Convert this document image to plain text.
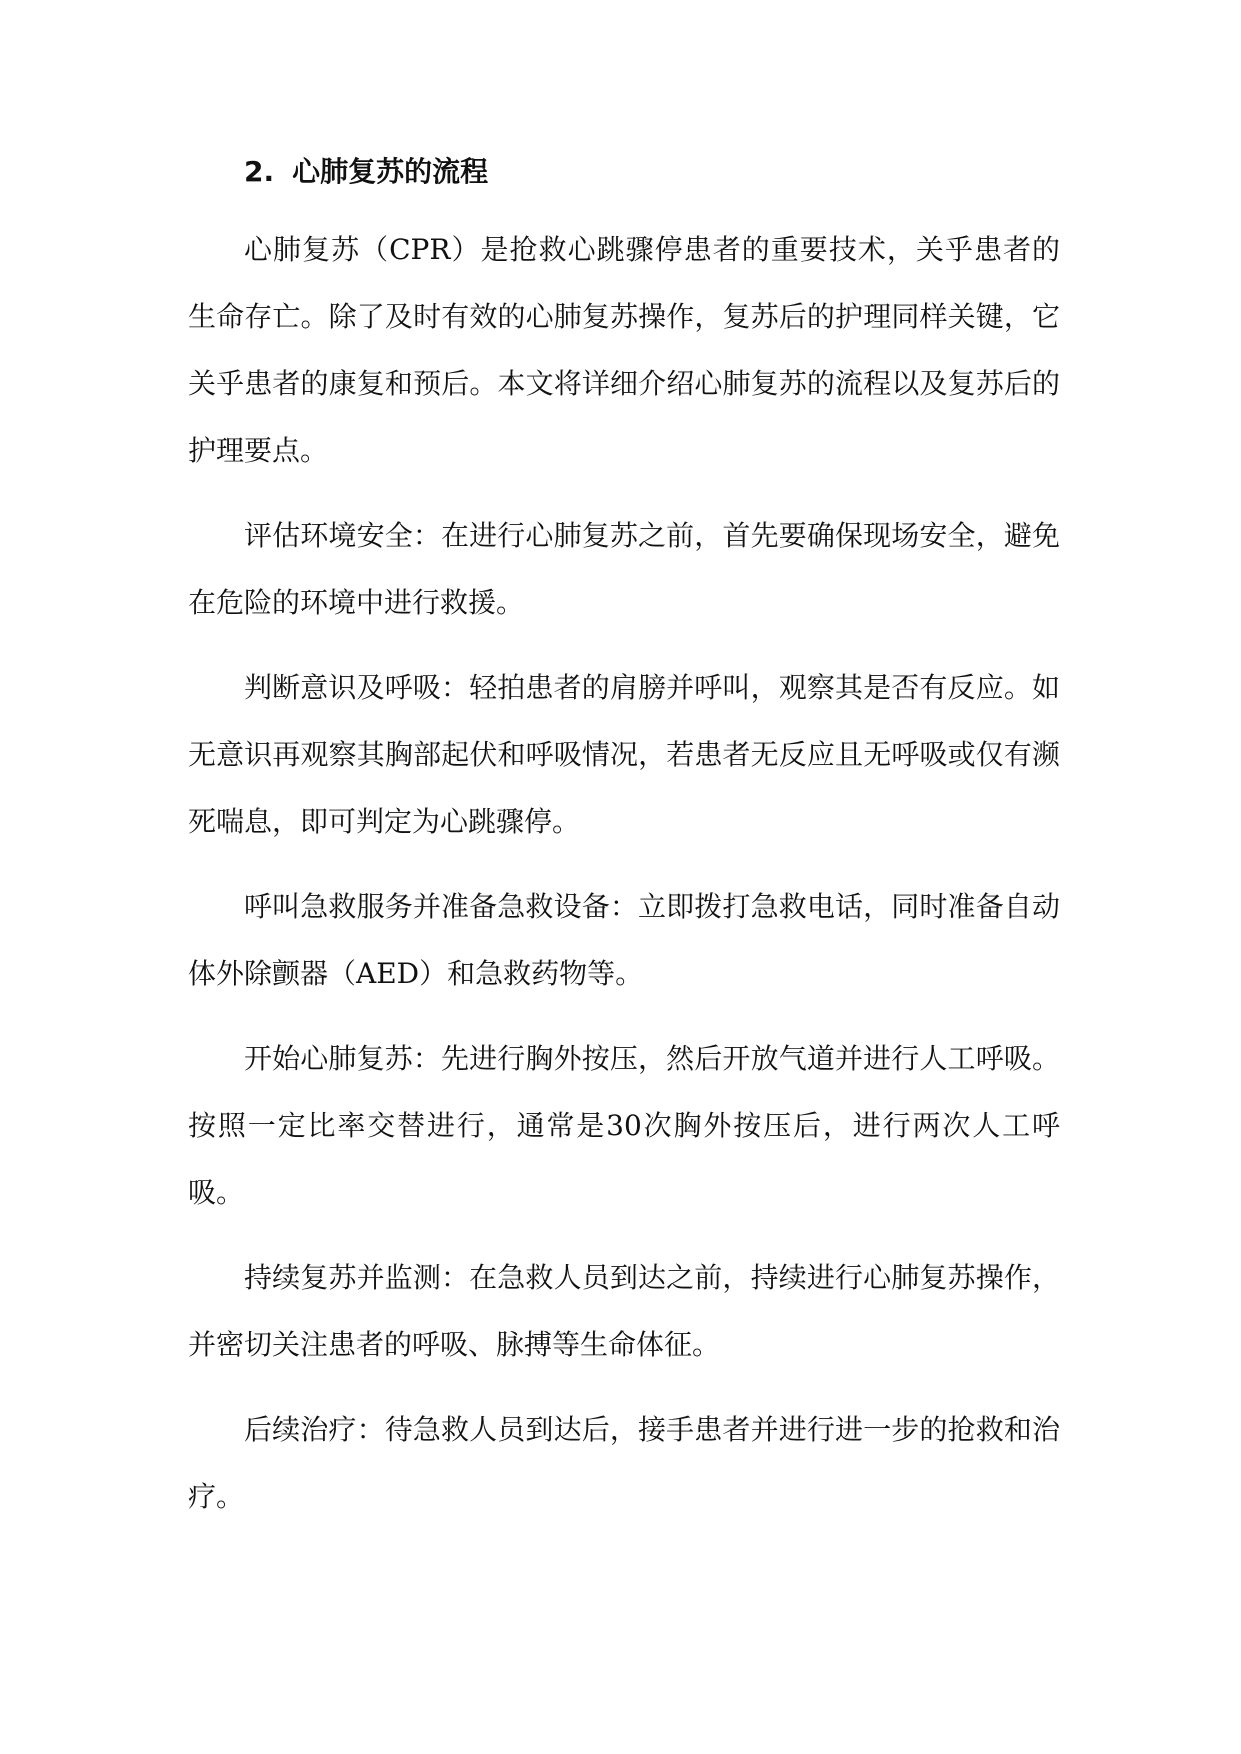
2. 心肺复苏的流程

心肺复苏（CPR）是抢救心跳骤停患者的重要技术，关乎患者的生命存亡。除了及时有效的心肺复苏操作，复苏后的护理同样关键，它关乎患者的康复和预后。本文将详细介绍心肺复苏的流程以及复苏后的护理要点。

评估环境安全：在进行心肺复苏之前，首先要确保现场安全，避免在危险的环境中进行救援。

判断意识及呼吸：轻拍患者的肩膀并呼叫，观察其是否有反应。如无意识再观察其胸部起伏和呼吸情况，若患者无反应且无呼吸或仅有濒死喘息，即可判定为心跳骤停。

呼叫急救服务并准备急救设备：立即拨打急救电话，同时准备自动体外除颤器（AED）和急救药物等。

开始心肺复苏：先进行胸外按压，然后开放气道并进行人工呼吸。按照一定比率交替进行，通常是30次胸外按压后，进行两次人工呼吸。

持续复苏并监测：在急救人员到达之前，持续进行心肺复苏操作，并密切关注患者的呼吸、脉搏等生命体征。

后续治疗：待急救人员到达后，接手患者并进行进一步的抢救和治疗。
